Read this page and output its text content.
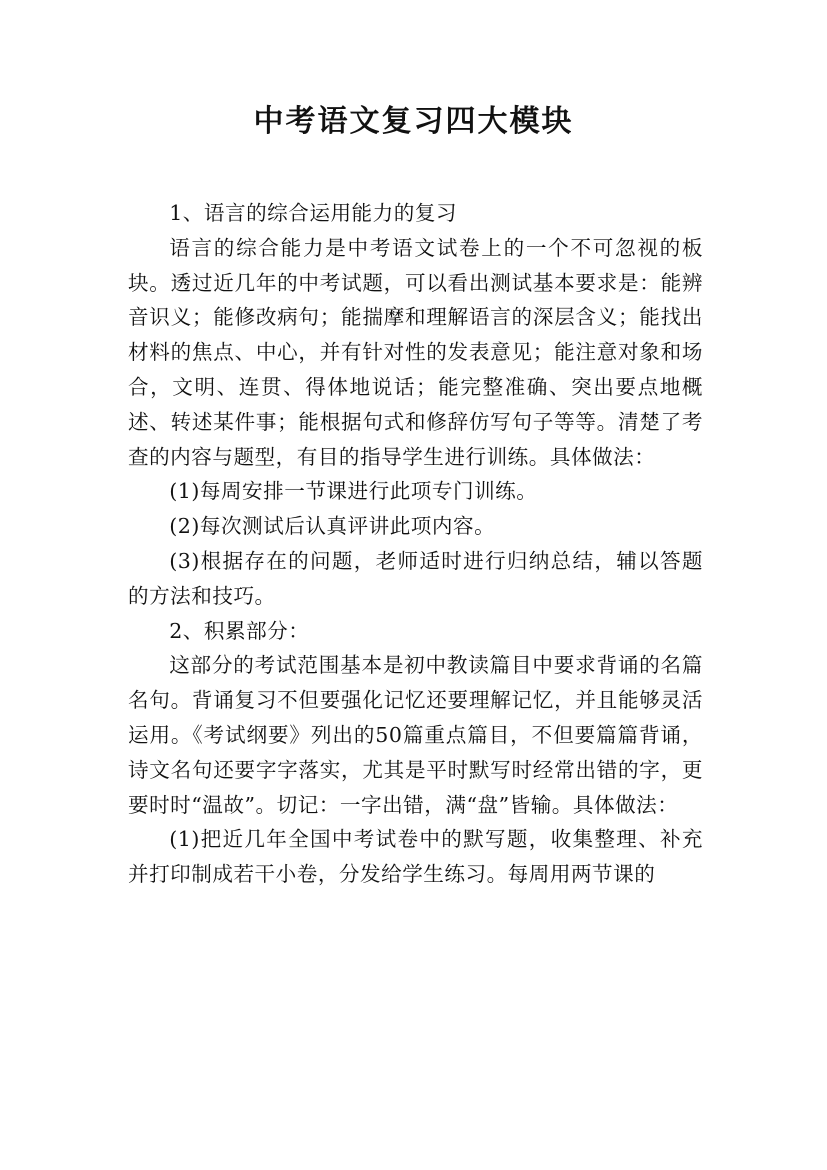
中考语文复习四大模块

1、语言的综合运用能力的复习

语言的综合能力是中考语文试卷上的一个不可忽视的板块。透过近几年的中考试题，可以看出测试基本要求是：能辨音识义；能修改病句；能揣摩和理解语言的深层含义；能找出材料的焦点、中心，并有针对性的发表意见；能注意对象和场合，文明、连贯、得体地说话；能完整准确、突出要点地概述、转述某件事；能根据句式和修辞仿写句子等等。清楚了考查的内容与题型，有目的指导学生进行训练。具体做法：

(1)每周安排一节课进行此项专门训练。

(2)每次测试后认真评讲此项内容。

(3)根据存在的问题，老师适时进行归纳总结，辅以答题的方法和技巧。

2、积累部分：

这部分的考试范围基本是初中教读篇目中要求背诵的名篇名句。背诵复习不但要强化记忆还要理解记忆，并且能够灵活运用。《考试纲要》列出的50篇重点篇目，不但要篇篇背诵，诗文名句还要字字落实，尤其是平时默写时经常出错的字，更要时时“温故”。切记：一字出错，满“盘”皆输。具体做法：

(1)把近几年全国中考试卷中的默写题，收集整理、补充并打印制成若干小卷，分发给学生练习。每周用两节课的
